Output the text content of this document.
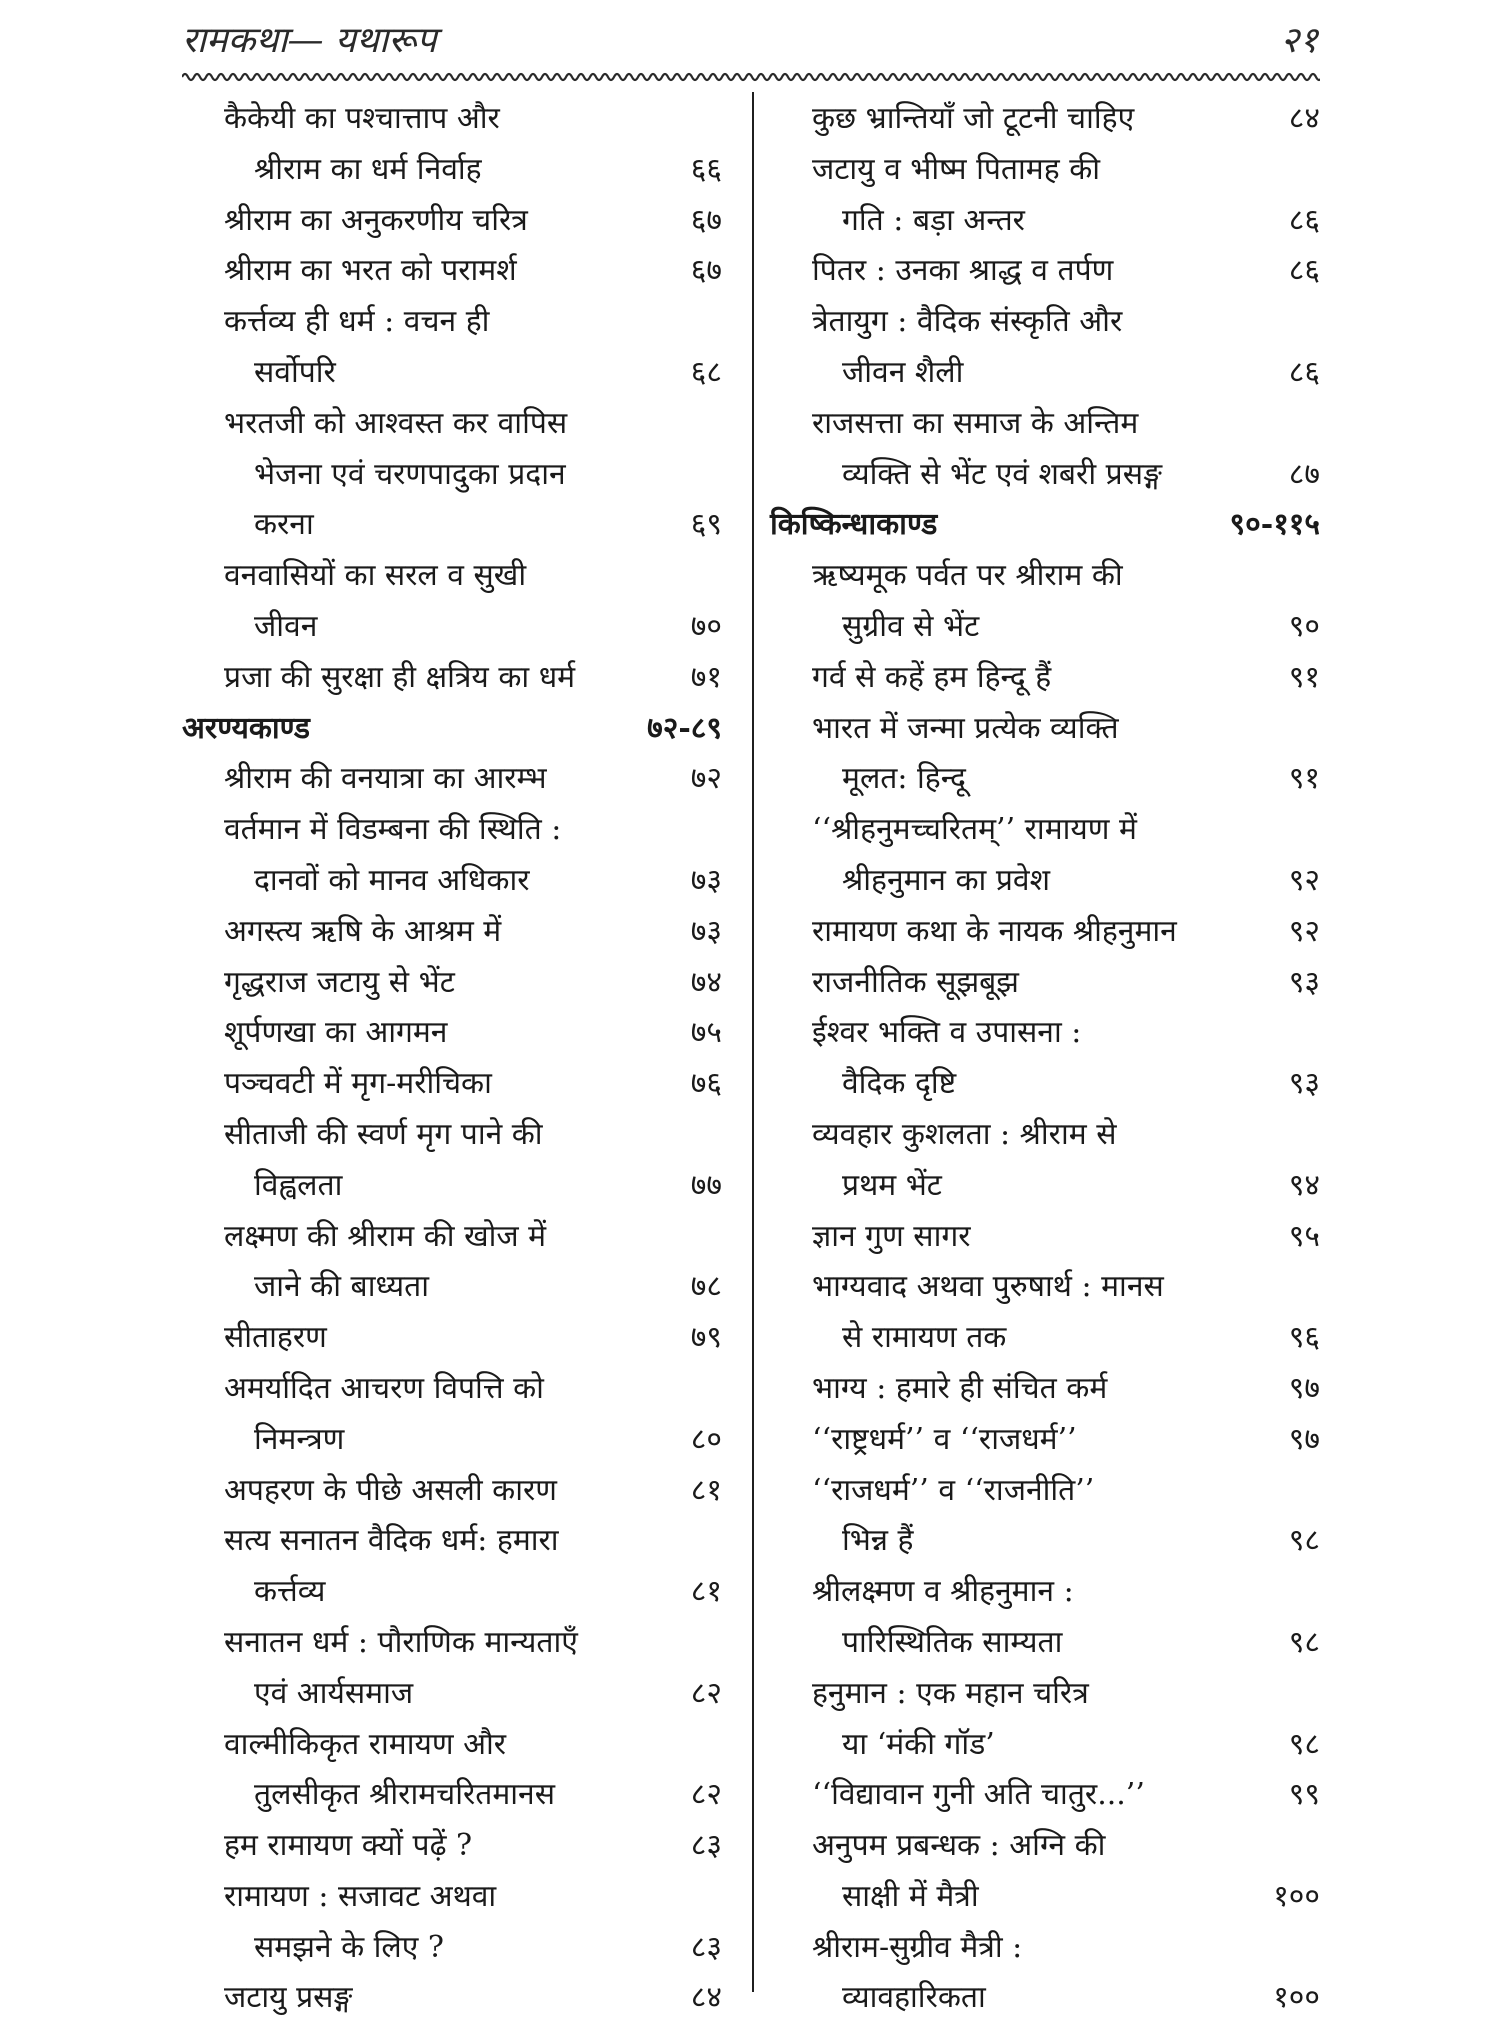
रामकथा— यथारूप	२१
कैकेयी का पश्चात्ताप और
श्रीराम का धर्म निर्वाह	६६
श्रीराम का अनुकरणीय चरित्र	६७
श्रीराम का भरत को परामर्श	६७
कर्त्तव्य ही धर्म : वचन ही
सर्वोपरि	६८
भरतजी को आश्वस्त कर वापिस
भेजना एवं चरणपादुका प्रदान
करना	६९
वनवासियों का सरल व सुखी
जीवन	७०
प्रजा की सुरक्षा ही क्षत्रिय का धर्म	७१
अरण्यकाण्ड	७२-८९
श्रीराम की वनयात्रा का आरम्भ	७२
वर्तमान में विडम्बना की स्थिति :
दानवों को मानव अधिकार	७३
अगस्त्य ऋषि के आश्रम में	७३
गृद्धराज जटायु से भेंट	७४
शूर्पणखा का आगमन	७५
पञ्चवटी में मृग-मरीचिका	७६
सीताजी की स्वर्ण मृग पाने की
विह्वलता	७७
लक्ष्मण की श्रीराम की खोज में
जाने की बाध्यता	७८
सीताहरण	७९
अमर्यादित आचरण विपत्ति को
निमन्त्रण	८०
अपहरण के पीछे असली कारण	८१
सत्य सनातन वैदिक धर्म: हमारा
कर्त्तव्य	८१
सनातन धर्म : पौराणिक मान्यताएँ
एवं आर्यसमाज	८२
वाल्मीकिकृत रामायण और
तुलसीकृत श्रीरामचरितमानस	८२
हम रामायण क्यों पढ़ें ?	८३
रामायण : सजावट अथवा
समझने के लिए ?	८३
जटायु प्रसङ्ग	८४
कुछ भ्रान्तियाँ जो टूटनी चाहिए	८४
जटायु व भीष्म पितामह की
गति : बड़ा अन्तर	८६
पितर : उनका श्राद्ध व तर्पण	८६
त्रेतायुग : वैदिक संस्कृति और
जीवन शैली	८६
राजसत्ता का समाज के अन्तिम
व्यक्ति से भेंट एवं शबरी प्रसङ्ग	८७
किष्किन्धाकाण्ड	९०-११५
ऋष्यमूक पर्वत पर श्रीराम की
सुग्रीव से भेंट	९०
गर्व से कहें हम हिन्दू हैं	९१
भारत में जन्मा प्रत्येक व्यक्ति
मूलत: हिन्दू	९१
‘‘श्रीहनुमच्चरितम्’’ रामायण में
श्रीहनुमान का प्रवेश	९२
रामायण कथा के नायक श्रीहनुमान	९२
राजनीतिक सूझबूझ	९३
ईश्वर भक्ति व उपासना :
वैदिक दृष्टि	९३
व्यवहार कुशलता : श्रीराम से
प्रथम भेंट	९४
ज्ञान गुण सागर	९५
भाग्यवाद अथवा पुरुषार्थ : मानस
से रामायण तक	९६
भाग्य : हमारे ही संचित कर्म	९७
‘‘राष्ट्रधर्म’’ व ‘‘राजधर्म’’	९७
‘‘राजधर्म’’ व ‘‘राजनीति’’
भिन्न हैं	९८
श्रीलक्ष्मण व श्रीहनुमान :
पारिस्थितिक साम्यता	९८
हनुमान : एक महान चरित्र
या ‘मंकी गॉड’	९८
‘‘विद्यावान गुनी अति चातुर...’’	९९
अनुपम प्रबन्धक : अग्नि की
साक्षी में मैत्री	१००
श्रीराम-सुग्रीव मैत्री :
व्यावहारिकता	१००
